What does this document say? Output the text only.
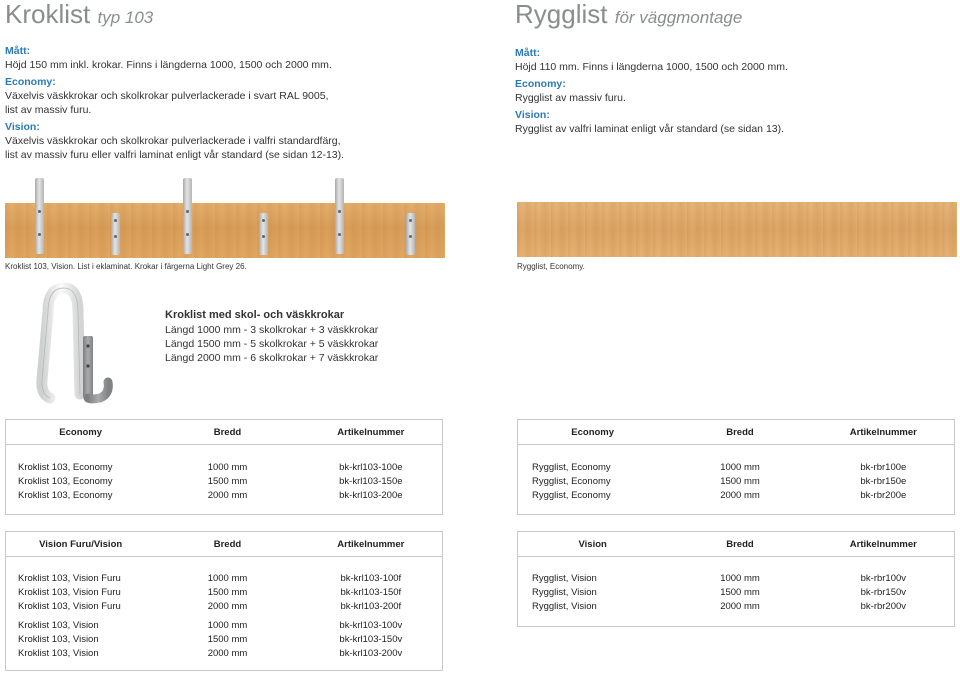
Kroklist typ 103
Mått:
Höjd 150 mm inkl. krokar. Finns i längderna 1000, 1500 och 2000 mm.
Economy:
Växelvis väskkrokar och skolkrokar pulverlackerade i svart RAL 9005,
list av massiv furu.
Vision:
Växelvis väskkrokar och skolkrokar pulverlackerade i valfri standardfärg,
list av massiv furu eller valfri laminat enligt vår standard (se sidan 12-13).
Rygglist för väggmontage
Mått:
Höjd 110 mm. Finns i längderna 1000, 1500 och 2000 mm.
Economy:
Rygglist av massiv furu.
Vision:
Rygglist av valfri laminat enligt vår standard (se sidan 13).
Kroklist 103, Vision. List i eklaminat. Krokar i färgerna Light Grey 26.	Rygglist, Economy.
Kroklist med skol- och väskkrokar
Längd 1000 mm - 3 skolkrokar + 3 väskkrokar
Längd 1500 mm - 5 skolkrokar + 5 väskkrokar
Längd 2000 mm - 6 skolkrokar + 7 väskkrokar
Economy	Bredd	Artikelnummer
Kroklist 103, Economy	1000 mm	bk-krl103-100e
Kroklist 103, Economy	1500 mm	bk-krl103-150e
Kroklist 103, Economy	2000 mm	bk-krl103-200e
Economy	Bredd	Artikelnummer
Rygglist, Economy	1000 mm	bk-rbr100e
Rygglist, Economy	1500 mm	bk-rbr150e
Rygglist, Economy	2000 mm	bk-rbr200e
Vision Furu/Vision	Bredd	Artikelnummer
Kroklist 103, Vision Furu	1000 mm	bk-krl103-100f
Kroklist 103, Vision Furu	1500 mm	bk-krl103-150f
Kroklist 103, Vision Furu	2000 mm	bk-krl103-200f
Kroklist 103, Vision	1000 mm	bk-krl103-100v
Kroklist 103, Vision	1500 mm	bk-krl103-150v
Kroklist 103, Vision	2000 mm	bk-krl103-200v
Vision	Bredd	Artikelnummer
Rygglist, Vision	1000 mm	bk-rbr100v
Rygglist, Vision	1500 mm	bk-rbr150v
Rygglist, Vision	2000 mm	bk-rbr200v
